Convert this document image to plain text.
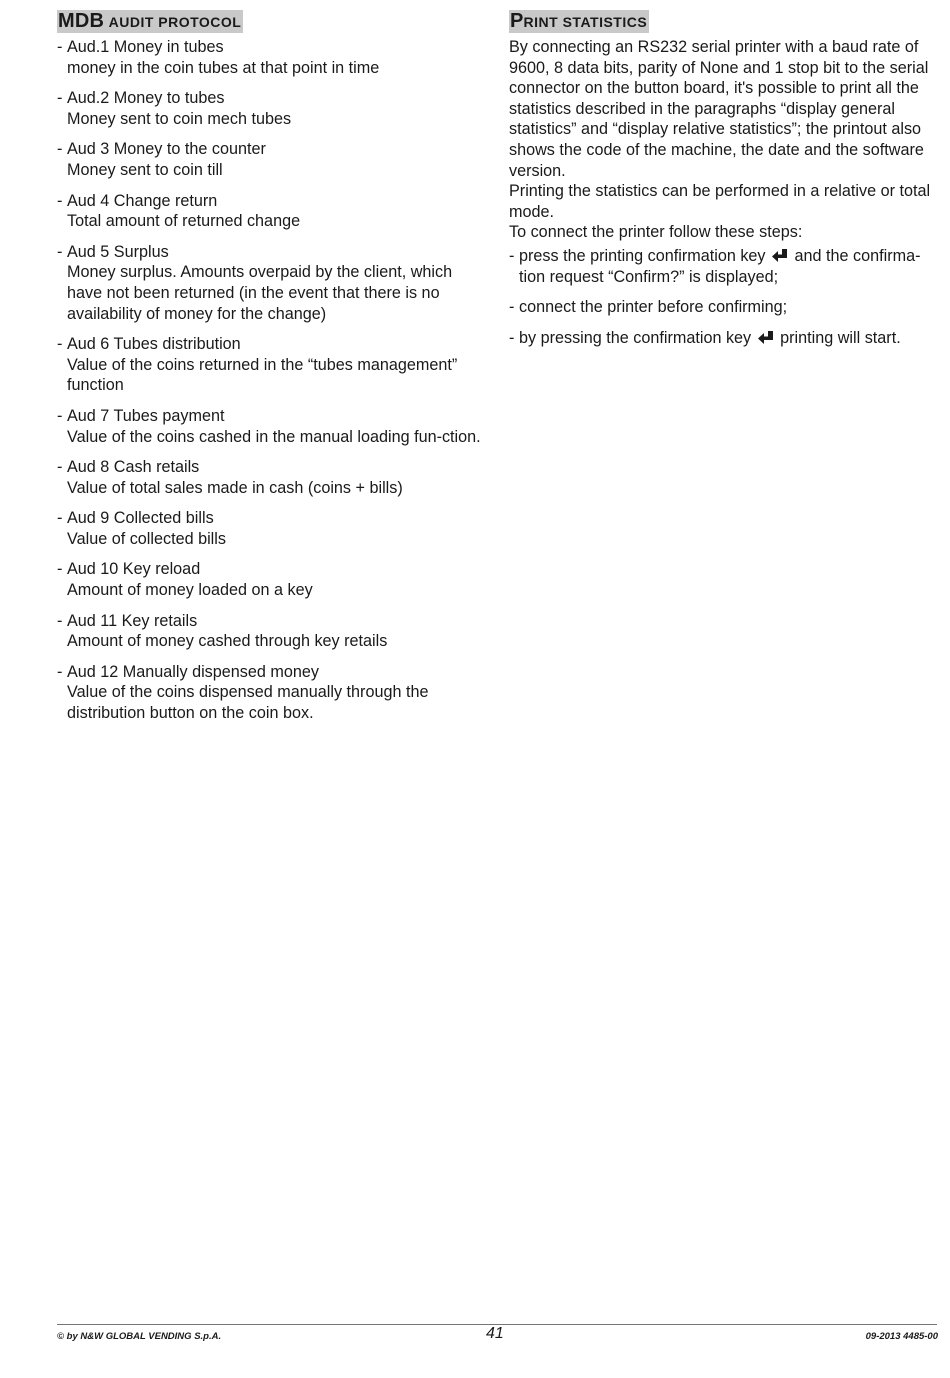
MDB AUDIT PROTOCOL
- Aud.1 Money in tubes
money in the coin tubes at that point in time
- Aud.2 Money to tubes
Money sent to coin mech tubes
- Aud 3 Money to the counter
Money sent to coin till
- Aud 4 Change return
Total amount of returned change
- Aud 5 Surplus
Money surplus. Amounts overpaid by the client, which have not been returned (in the event that there is no availability of money for the change)
- Aud 6 Tubes distribution
Value of the coins returned in the “tubes management” function
- Aud 7 Tubes payment
Value of the coins cashed in the manual loading fun-ction.
- Aud 8 Cash retails
Value of total sales made in cash (coins + bills)
- Aud 9 Collected bills
Value of collected bills
- Aud 10 Key reload
Amount of money loaded on a key
- Aud 11 Key retails
Amount of money cashed through key retails
- Aud 12 Manually dispensed money
Value of the coins dispensed manually through the distribution button on the coin box.
PRINT STATISTICS

By connecting an RS232 serial printer with a baud rate of 9600, 8 data bits, parity of None and 1 stop bit to the serial connector on the button board, it's possible to print all the statistics described in the paragraphs “display general statistics” and “display relative statistics”; the printout also shows the code of the machine, the date and the software version.

Printing the statistics can be performed in a relative or total mode.

To connect the printer follow these steps:

- press the printing confirmation key and the confirma-tion request “Confirm?” is displayed;
- connect the printer before confirming;
- by pressing the confirmation key printing will start.
© by N&W GLOBAL VENDING S.p.A.	41	09-2013 4485-00
